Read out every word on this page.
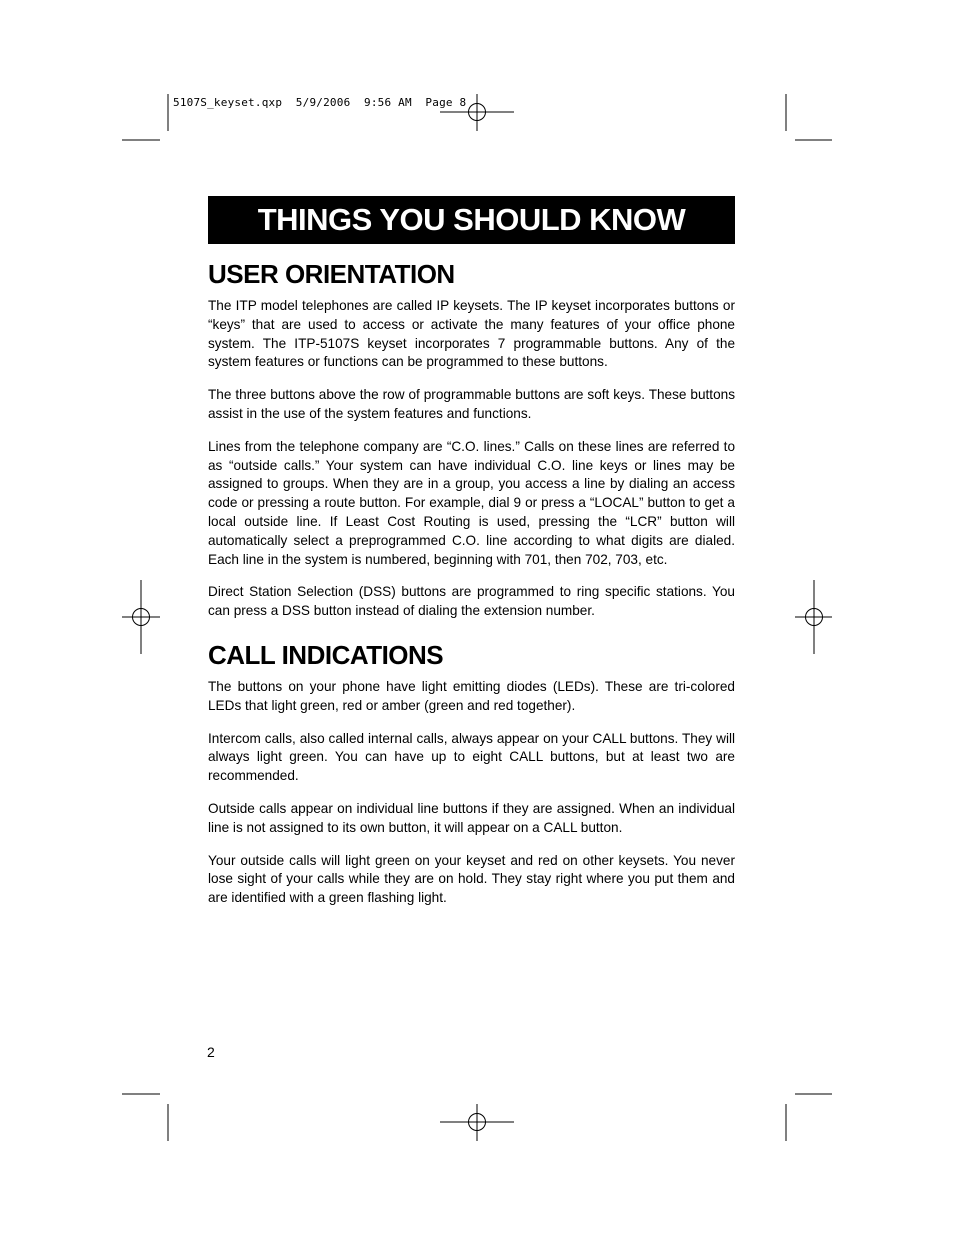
5107S_keyset.qxp  5/9/2006  9:56 AM  Page 8
THINGS YOU SHOULD KNOW
USER ORIENTATION

The ITP model telephones are called IP keysets. The IP keyset incorporates buttons or “keys” that are used to access or activate the many features of your office phone system. The ITP-5107S keyset incorporates 7 programmable buttons. Any of the system features or functions can be programmed to these buttons.

The three buttons above the row of programmable buttons are soft keys. These buttons assist in the use of the system features and functions.

Lines from the telephone company are “C.O. lines.” Calls on these lines are referred to as “outside calls.” Your system can have individual C.O. line keys or lines may be assigned to groups. When they are in a group, you access a line by dialing an access code or pressing a route button. For example, dial 9 or press a “LOCAL” button to get a local outside line. If Least Cost Routing is used, pressing the “LCR” button will automatically select a preprogrammed C.O. line according to what digits are dialed. Each line in the system is numbered, beginning with 701, then 702, 703, etc.

Direct Station Selection (DSS) buttons are programmed to ring specific stations. You can press a DSS button instead of dialing the extension number.

CALL INDICATIONS

The buttons on your phone have light emitting diodes (LEDs). These are tri-colored LEDs that light green, red or amber (green and red together).

Intercom calls, also called internal calls, always appear on your CALL buttons. They will always light green. You can have up to eight CALL buttons, but at least two are recommended.

Outside calls appear on individual line buttons if they are assigned. When an individual line is not assigned to its own button, it will appear on a CALL button.

Your outside calls will light green on your keyset and red on other keysets. You never lose sight of your calls while they are on hold. They stay right where you put them and are identified with a green flashing light.

2
